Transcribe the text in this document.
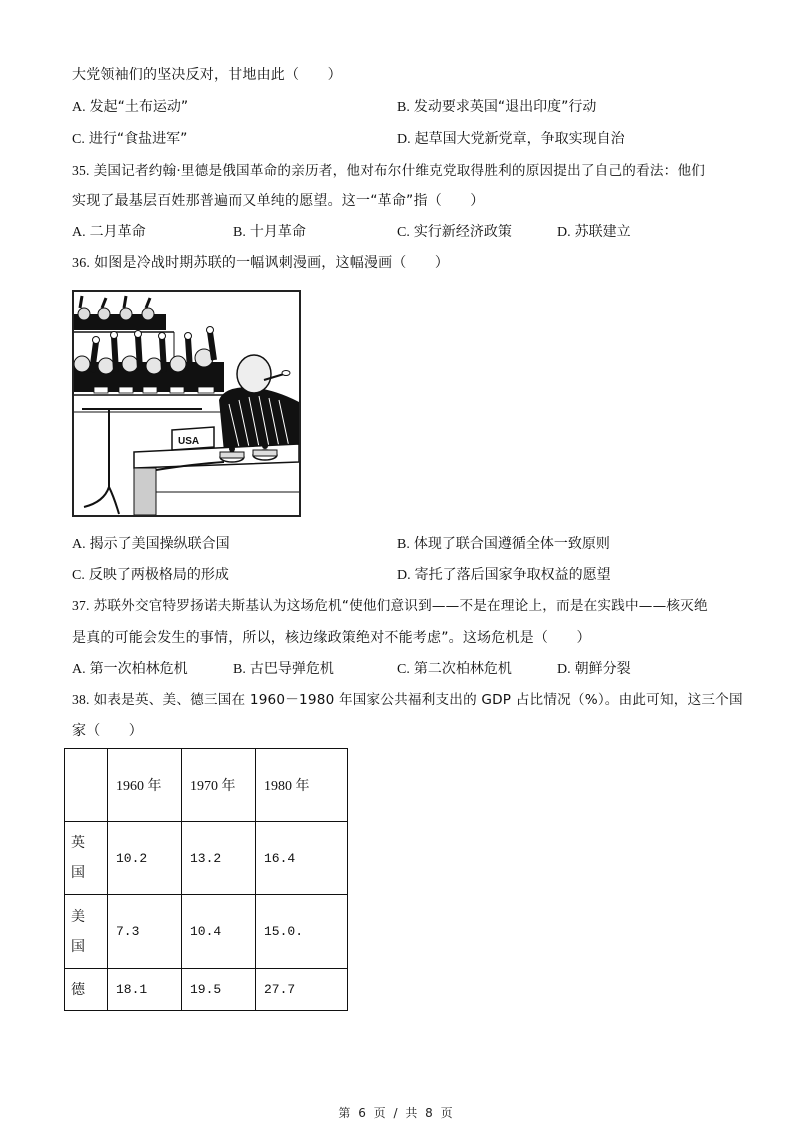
大党领袖们的坚决反对，甘地由此（　　）
A. 发起“土布运动”	B. 发动要求英国“退出印度”行动
C. 进行“食盐进军”	D. 起草国大党新党章，争取实现自治
35. 美国记者约翰·里德是俄国革命的亲历者，他对布尔什维克党取得胜利的原因提出了自己的看法：他们
实现了最基层百姓那普遍而又单纯的愿望。这一“革命”指（　　）
A. 二月革命	B. 十月革命	C. 实行新经济政策	D. 苏联建立
36. 如图是冷战时期苏联的一幅讽刺漫画，这幅漫画（　　）
USA
A. 揭示了美国操纵联合国	B. 体现了联合国遵循全体一致原则
C. 反映了两极格局的形成	D. 寄托了落后国家争取权益的愿望
37. 苏联外交官特罗扬诺夫斯基认为这场危机“使他们意识到——不是在理论上，而是在实践中——核灭绝
是真的可能会发生的事情，所以，核边缘政策绝对不能考虑”。这场危机是（　　）
A. 第一次柏林危机	B. 古巴导弹危机	C. 第二次柏林危机	D. 朝鲜分裂
38. 如表是英、美、德三国在 1960－1980 年国家公共福利支出的 GDP 占比情况（%）。由此可知，这三个国
家（　　）
	1960 年	1970 年	1980 年

英
国	10.2	13.2	16.4

美
国	7.3	10.4	15.0.

德	18.1	19.5	27.7
第 6 页 / 共 8 页
